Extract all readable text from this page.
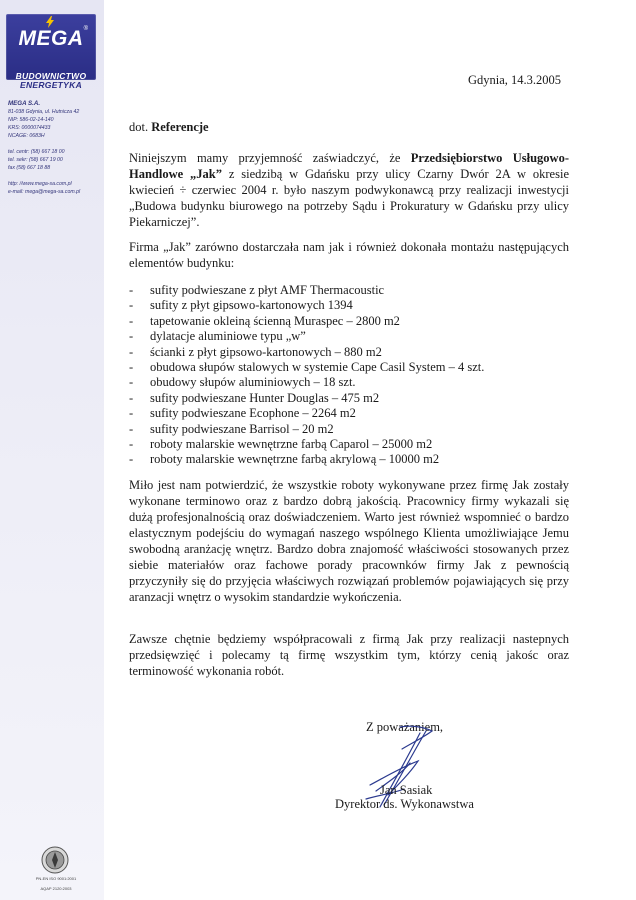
MEGA ®
BUDOWNICTWO
ENERGETYKA
MEGA S.A.
81-038 Gdynia, ul. Hutnicza 42
NIP: 586-02-14-140
KRS: 0000074433
NCAGE: 0683H
tel. centr: (58) 667 18 00
tel. sekr: (58) 667 19 00
fax (58) 667 18 88
http: //www.mega-sa.com.pl
e-mail: mega@mega-sa.com.pl
PN-EN ISO 9001:2001
AQAP 2120:2003
Gdynia, 14.3.2005
dot. Referencje
Niniejszym mamy przyjemność zaświadczyć, że Przedsiębiorstwo Usługowo-Handlowe „Jak” z siedzibą w Gdańsku przy ulicy Czarny Dwór 2A w okresie kwiecień ÷ czerwiec 2004 r. było naszym podwykonawcą przy realizacji inwestycji „Budowa budynku biurowego na potrzeby Sądu i Prokuratury w Gdańsku przy ulicy Piekarniczej”.
Firma „Jak” zarówno dostarczała nam jak i również dokonała montażu następujących elementów budynku:
-	sufity podwieszane z płyt AMF Thermacoustic
-	sufity z płyt gipsowo-kartonowych 1394
-	tapetowanie okleiną ścienną Muraspec – 2800 m2
-	dylatacje aluminiowe typu „w”
-	ścianki z płyt gipsowo-kartonowych – 880 m2
-	obudowa słupów stalowych w systemie Cape Casil System – 4 szt.
-	obudowy słupów aluminiowych – 18 szt.
-	sufity podwieszane Hunter Douglas – 475 m2
-	sufity podwieszane Ecophone – 2264 m2
-	sufity podwieszane Barrisol – 20 m2
-	roboty malarskie wewnętrzne farbą Caparol – 25000 m2
-	roboty malarskie wewnętrzne farbą akrylową – 10000 m2
Miło jest nam potwierdzić, że wszystkie roboty wykonywane przez firmę Jak zostały wykonane terminowo oraz z bardzo dobrą jakością. Pracownicy firmy wykazali się dużą profesjonalnością oraz doświadczeniem. Warto jest również wspomnieć o bardzo elastycznym podejściu do wymagań naszego wspólnego Klienta umożliwiające Jemu swobodną aranżację wnętrz. Bardzo dobra znajomość właściwości stosowanych przez siebie materiałów oraz fachowe porady pracownków firmy Jak z pewnością przyczyniły się do przyjęcia właściwych rozwiązań problemów pojawiających się przy aranzacji wnętrz o wysokim standardzie wykończenia.
Zawsze chętnie będziemy współpracowali z firmą Jak przy realizacji nastepnych przedsięwzięć i polecamy tą firmę wszystkim tym, którzy cenią jakośc oraz terminowość wykonania robót.
Z poważaniem,
Jan Sasiak
Dyrektor ds. Wykonawstwa
